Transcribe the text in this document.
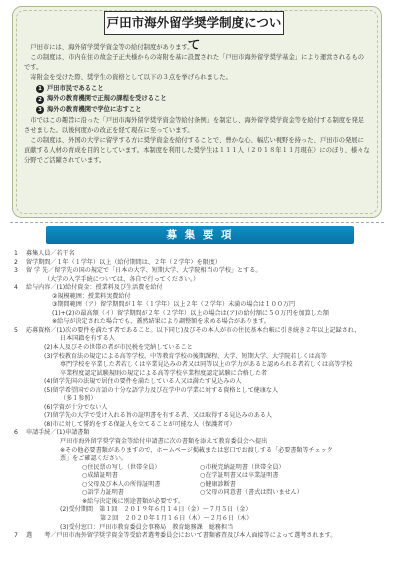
戸田市海外留学奨学制度について

戸田市には、海外留学奨学資金等の給付制度があります。

この制度は、市内在住の故金子正夫様からの寄附を基に設置された「戸田市海外留学奨学基金」により運営されるものです。

寄附金を受けた際、奨学生の資格として以下の３点を挙げられました。

1 戸田市民であること
2 海外の教育機関で正規の課程を受けること
3 海外の教育機関で学位に志すこと

市ではこの趣旨に沿った「戸田市海外留学奨学資金等給付条例」を制定し、海外留学奨学資金等を給付する制度を発足させました。以後何度かの改正を経て現在に至っています。

この制度は、外国の大学に留学する方に奨学資金を給付することで、豊かな心、幅広い視野を持った、戸田市の発展に貢献する人材の育成を目的としています。本制度を利用した奨学生は１１１人（２０１８年１１月現在）にのぼり、様々な分野でご活躍されています。

募 集 要 項
1	募集人員 ／ 若干名
2	留学期間 ／ １年（１学年）以上（給付期間は、２年（２学年）を限度）
3	留 学 先 ／ 留学先の国の規定で「日本の大学、短期大学、大学院相当の学校」とする。
（大学の入学手続については、各自で行ってください。）
4	給与内容 ／ (1)給付資金：授業料及び生活費を給付
②規模範囲：授業料実費給付
③期間範囲（ア）留学期間が１年（１学年）以上２年（２学年）未満の場合は１００万円
(1)+(2)の最高額（イ）留学期間が２年（２学年）以上の場合は(ア)の給付額に５０万円を加算した額
※給与が決定された場合でも、蓋然結果により調整額を求める場合があります。
5	応募資格 ／ (1)次の要件を満たす者であること。以下同じ)及びその本人が市の住民基本台帳に引き続き２年以上記録され、
日本国籍を有する人
(2)本人及びその世帯の者が市民税を完納していること
(3)学校教育法の規定による高等学校、中等教育学校の後期課程、大学、短期大学、大学院若しくは高等
専門学校を卒業した者若しくは卒業見込みの者又は同等以上の学力があると認められる者若しくは高等学校
卒業程度認定試験規則の規定による高等学校卒業程度認定試験に合格した者
(4)留学先国の法規で居住の要件を満たしている人又は満たす見込みの人
(5)留学希望国での言語の十分な語学力及び在学中の学業に対する資格として健康な人
（多１参照）
(6)学資が十分でない人
(7)留学先の大学で受け入れる旨の証明書を有する者、又は取得する見込みのある人
(8)市に対して誓約をする保証人を立てることが可能な人（保護者可）
6	申請手続 ／ (1)申請書類
戸田市海外留学奨学資金等給付申請書に次の書類を添えて教育委員会へ提出
※その他必要書類がありますので、ホームページ掲載または窓口でお渡しする「必要書類等チェック
票」をご確認ください。
○住民票の写し（世帯全員）	○市税完納証明書（世帯全員）
○成績証明書	○在学証明書又は卒業証明書
○父母及び本人の所得証明書	○健康診断書
○語学力証明書	○父母の同意書（書式は問いません）
※給与決定後に別途書類が必要です。
(2)受付期間　第１回　２０１９年６月１４日（金）〜７月５日（金）
第２回　２０２０年１月１６日（木）〜２月６日（木）
(3)受付窓口：戸田市教育委員会事務局　教育総務課　総務担当
7	選　　考 ／ 戸田市海外留学奨学資金等受給者選考委員会において書類審査及び本人面接等によって選考されます。
